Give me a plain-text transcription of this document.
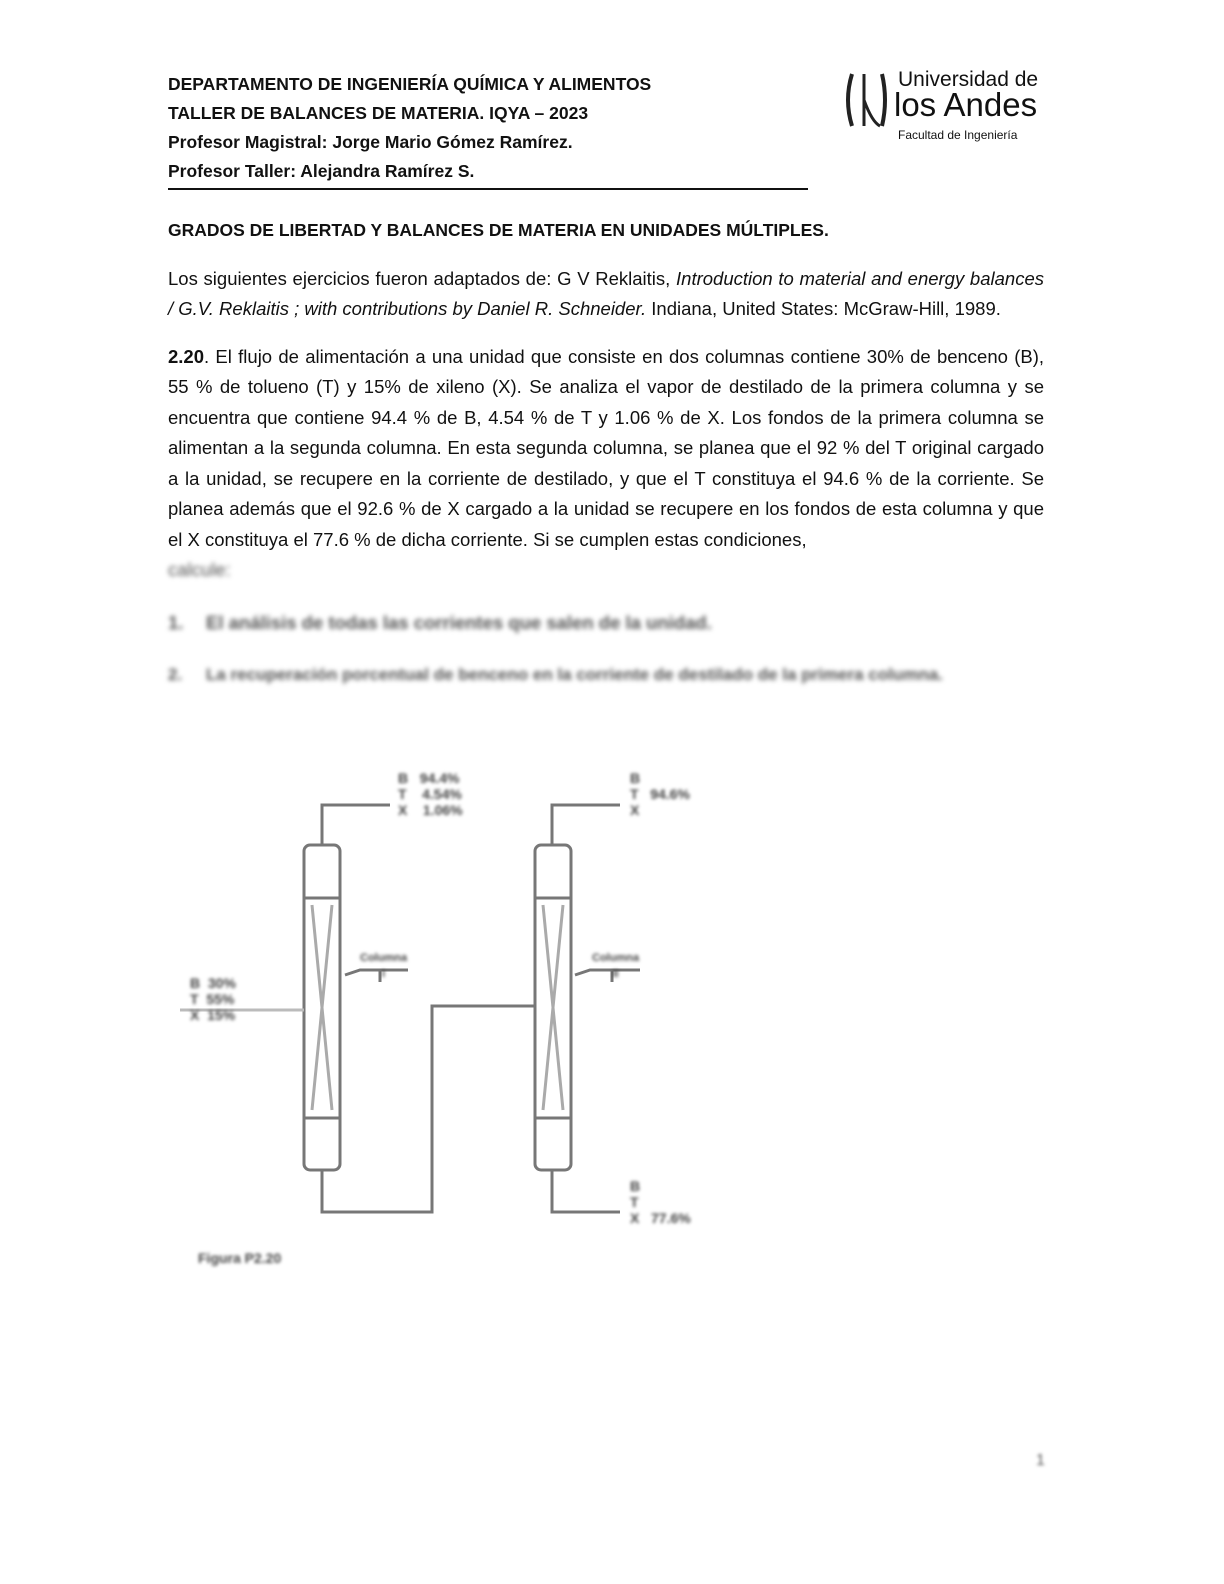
DEPARTAMENTO DE INGENIERÍA QUÍMICA Y ALIMENTOS
TALLER DE BALANCES DE MATERIA. IQYA – 2023
Profesor Magistral: Jorge Mario Gómez Ramírez.
Profesor Taller: Alejandra Ramírez S.
Universidad de
los Andes
Facultad de Ingeniería
GRADOS DE LIBERTAD Y BALANCES DE MATERIA EN UNIDADES MÚLTIPLES.

Los siguientes ejercicios fueron adaptados de: G V Reklaitis, Introduction to material and energy balances / G.V. Reklaitis ; with contributions by Daniel R. Schneider. Indiana, United States: McGraw-Hill, 1989.

2.20. El flujo de alimentación a una unidad que consiste en dos columnas contiene 30% de benceno (B), 55 % de tolueno (T) y 15% de xileno (X). Se analiza el vapor de destilado de la primera columna y se encuentra que contiene 94.4 % de B, 4.54 % de T y 1.06 % de X. Los fondos de la primera columna se alimentan a la segunda columna. En esta segunda columna, se planea que el 92 % del T original cargado a la unidad, se recupere en la corriente de destilado, y que el T constituya el 94.6 % de la corriente. Se planea además que el 92.6 % de X cargado a la unidad se recupere en los fondos de esta columna y que el X constituya el 77.6 % de dicha corriente. Si se cumplen estas condiciones,
calcule:

1. El análisis de todas las corrientes que salen de la unidad.
2. La recuperación porcentual de benceno en la corriente de destilado de la primera columna.
B   94.4%
T    4.54%
X    1.06%
B
T   94.6%
X
B  30%
T  55%
X  15%
Columna
I
Columna
II
B
T
X   77.6%
Figura P2.20
1
